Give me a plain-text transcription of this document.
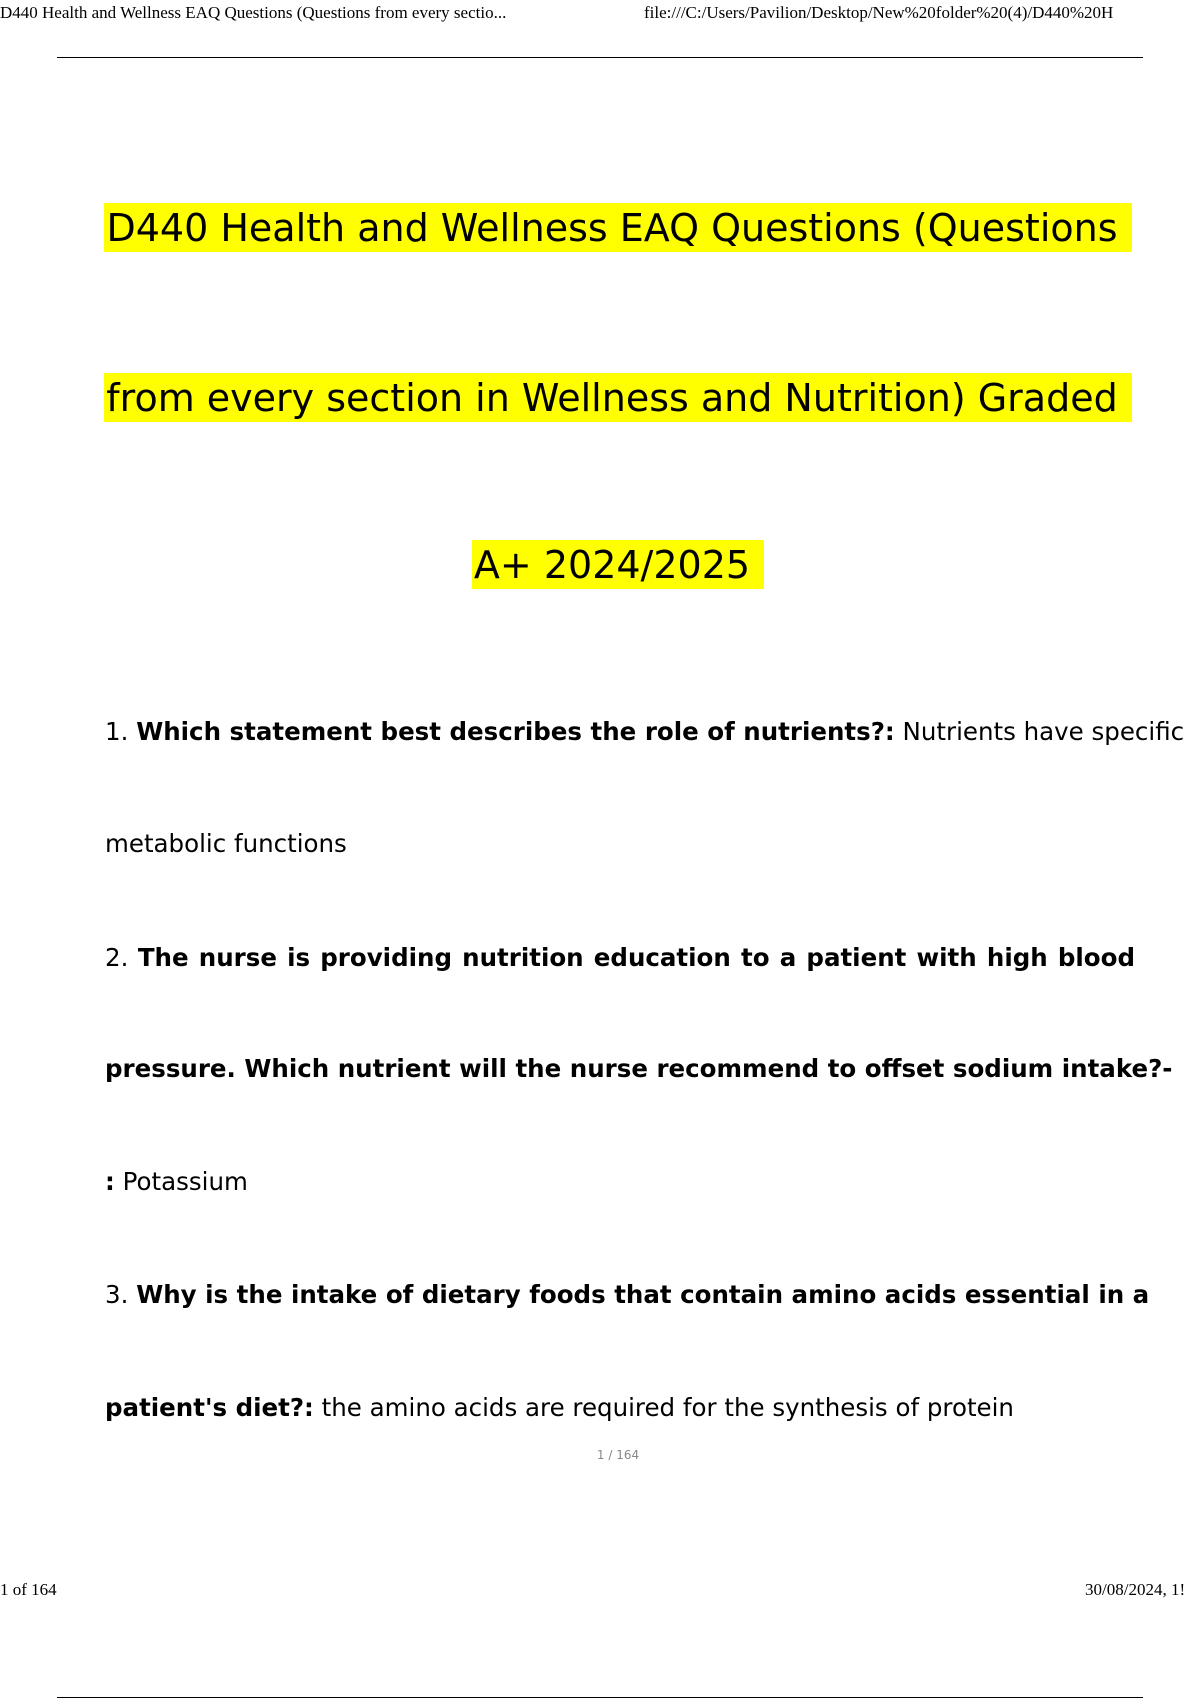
D440 Health and Wellness EAQ Questions (Questions from every sectio...	file:///C:/Users/Pavilion/Desktop/New%20folder%20(4)/D440%20H
D440 Health and Wellness EAQ Questions (Questions
from every section in Wellness and Nutrition) Graded
A+ 2024/2025
1. Which statement best describes the role of nutrients?: Nutrients have specific
metabolic functions
2. The nurse is providing nutrition education to a patient with high blood
pressure. Which nutrient will the nurse recommend to offset sodium intake?-
: Potassium
3. Why is the intake of dietary foods that contain amino acids essential in a
patient's diet?: the amino acids are required for the synthesis of protein
1 / 164
1 of 164	30/08/2024, 1!
